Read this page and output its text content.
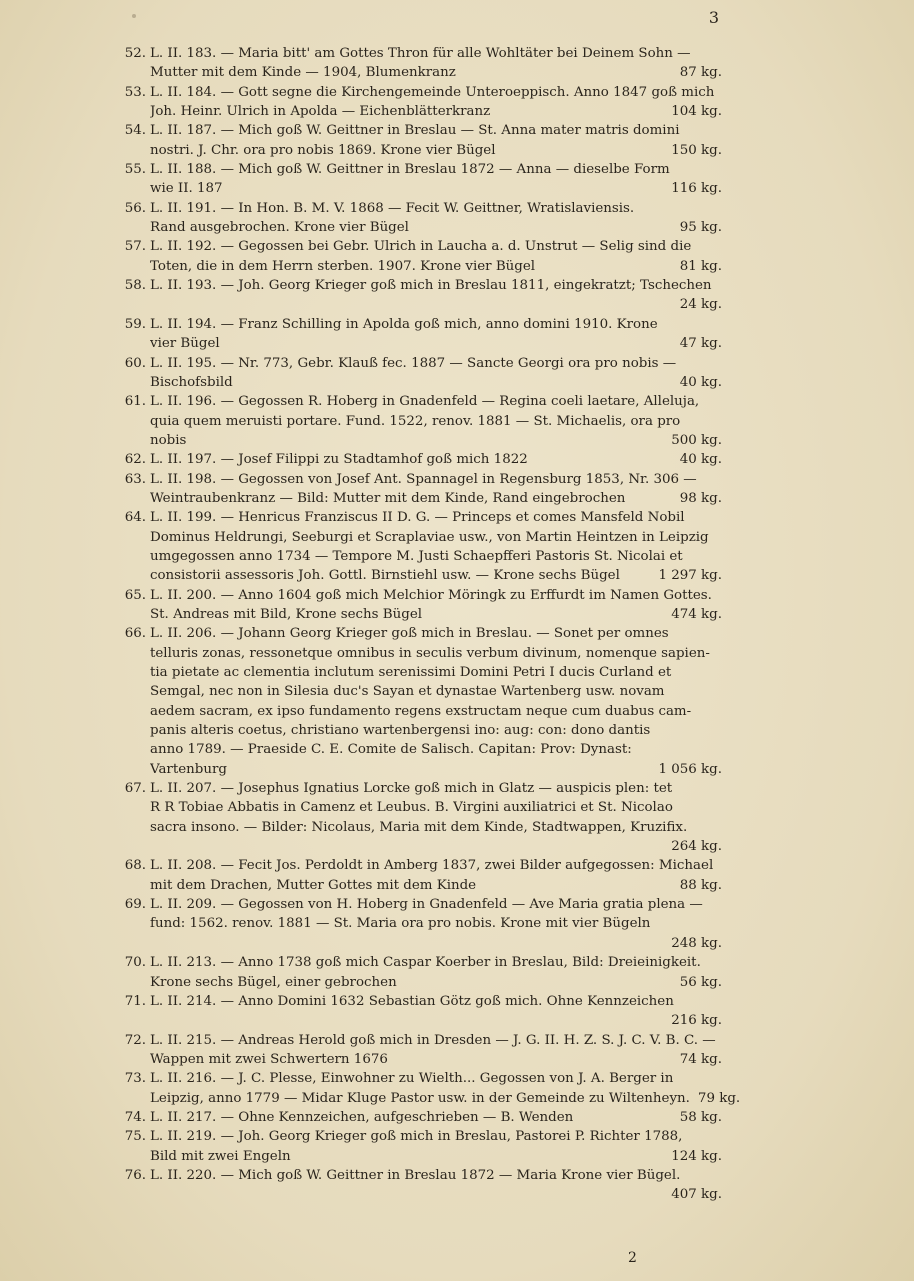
3
52. L. II. 183. — Maria bitt' am Gottes Thron für alle Wohltäter bei Deinem Sohn —
Mutter mit dem Kinde — 1904, Blumenkranz	87 kg.
53. L. II. 184. — Gott segne die Kirchengemeinde Unteroeppisch. Anno 1847 goß mich
Joh. Heinr. Ulrich in Apolda — Eichenblätterkranz	104 kg.
54. L. II. 187. — Mich goß W. Geittner in Breslau — St. Anna mater matris domini
nostri. J. Chr. ora pro nobis 1869. Krone vier Bügel	150 kg.
55. L. II. 188. — Mich goß W. Geittner in Breslau 1872 — Anna — dieselbe Form
wie II. 187	116 kg.
56. L. II. 191. — In Hon. B. M. V. 1868 — Fecit W. Geittner, Wratislaviensis.
Rand ausgebrochen. Krone vier Bügel	95 kg.
57. L. II. 192. — Gegossen bei Gebr. Ulrich in Laucha a. d. Unstrut — Selig sind die
Toten, die in dem Herrn sterben. 1907. Krone vier Bügel	81 kg.
58. L. II. 193. — Joh. Georg Krieger goß mich in Breslau 1811, eingekratzt; Tschechen

24 kg.
59. L. II. 194. — Franz Schilling in Apolda goß mich, anno domini 1910. Krone
vier Bügel	47 kg.
60. L. II. 195. — Nr. 773, Gebr. Klauß fec. 1887 — Sancte Georgi ora pro nobis —
Bischofsbild	40 kg.
61. L. II. 196. — Gegossen R. Hoberg in Gnadenfeld — Regina coeli laetare, Alleluja,
quia quem meruisti portare. Fund. 1522, renov. 1881 — St. Michaelis, ora pro
nobis	500 kg.
62. L. II. 197. — Josef Filippi zu Stadtamhof goß mich 1822	40 kg.
63. L. II. 198. — Gegossen von Josef Ant. Spannagel in Regensburg 1853, Nr. 306 —
Weintraubenkranz — Bild: Mutter mit dem Kinde, Rand eingebrochen	98 kg.
64. L. II. 199. — Henricus Franziscus II D. G. — Princeps et comes Mansfeld Nobil
Dominus Heldrungi, Seeburgi et Scraplaviae usw., von Martin Heintzen in Leipzig
umgegossen anno 1734 — Tempore M. Justi Schaepfferi Pastoris St. Nicolai et
consistorii assessoris Joh. Gottl. Birnstiehl usw. — Krone sechs Bügel	1 297 kg.
65. L. II. 200. — Anno 1604 goß mich Melchior Möringk zu Erffurdt im Namen Gottes.
St. Andreas mit Bild, Krone sechs Bügel	474 kg.
66. L. II. 206. — Johann Georg Krieger goß mich in Breslau. — Sonet per omnes
telluris zonas, ressonetque omnibus in seculis verbum divinum, nomenque sapien-
tia pietate ac clementia inclutum serenissimi Domini Petri I ducis Curland et
Semgal, nec non in Silesia duc's Sayan et dynastae Wartenberg usw. novam
aedem sacram, ex ipso fundamento regens exstructam neque cum duabus cam-
panis alteris coetus, christiano wartenbergensi ino: aug: con: dono dantis
anno 1789. — Praeside C. E. Comite de Salisch. Capitan: Prov: Dynast:
Vartenburg	1 056 kg.
67. L. II. 207. — Josephus Ignatius Lorcke goß mich in Glatz — auspicis plen: tet
R R Tobiae Abbatis in Camenz et Leubus. B. Virgini auxiliatrici et St. Nicolao
sacra insono. — Bilder: Nicolaus, Maria mit dem Kinde, Stadtwappen, Kruzifix.

264 kg.
68. L. II. 208. — Fecit Jos. Perdoldt in Amberg 1837, zwei Bilder aufgegossen: Michael
mit dem Drachen, Mutter Gottes mit dem Kinde	88 kg.
69. L. II. 209. — Gegossen von H. Hoberg in Gnadenfeld — Ave Maria gratia plena —
fund: 1562. renov. 1881 — St. Maria ora pro nobis. Krone mit vier Bügeln

248 kg.
70. L. II. 213. — Anno 1738 goß mich Caspar Koerber in Breslau, Bild: Dreieinigkeit.
Krone sechs Bügel, einer gebrochen	56 kg.
71. L. II. 214. — Anno Domini 1632 Sebastian Götz goß mich. Ohne Kennzeichen

216 kg.
72. L. II. 215. — Andreas Herold goß mich in Dresden — J. G. II. H. Z. S. J. C. V. B. C. —
Wappen mit zwei Schwertern 1676	74 kg.
73. L. II. 216. — J. C. Plesse, Einwohner zu Wielth... Gegossen von J. A. Berger in
Leipzig, anno 1779 — Midar Kluge Pastor usw. in der Gemeinde zu Wiltenheyn. 79 kg.
74. L. II. 217. — Ohne Kennzeichen, aufgeschrieben — B. Wenden	58 kg.
75. L. II. 219. — Joh. Georg Krieger goß mich in Breslau, Pastorei P. Richter 1788,
Bild mit zwei Engeln	124 kg.
76. L. II. 220. — Mich goß W. Geittner in Breslau 1872 — Maria Krone vier Bügel.

407 kg.
2
